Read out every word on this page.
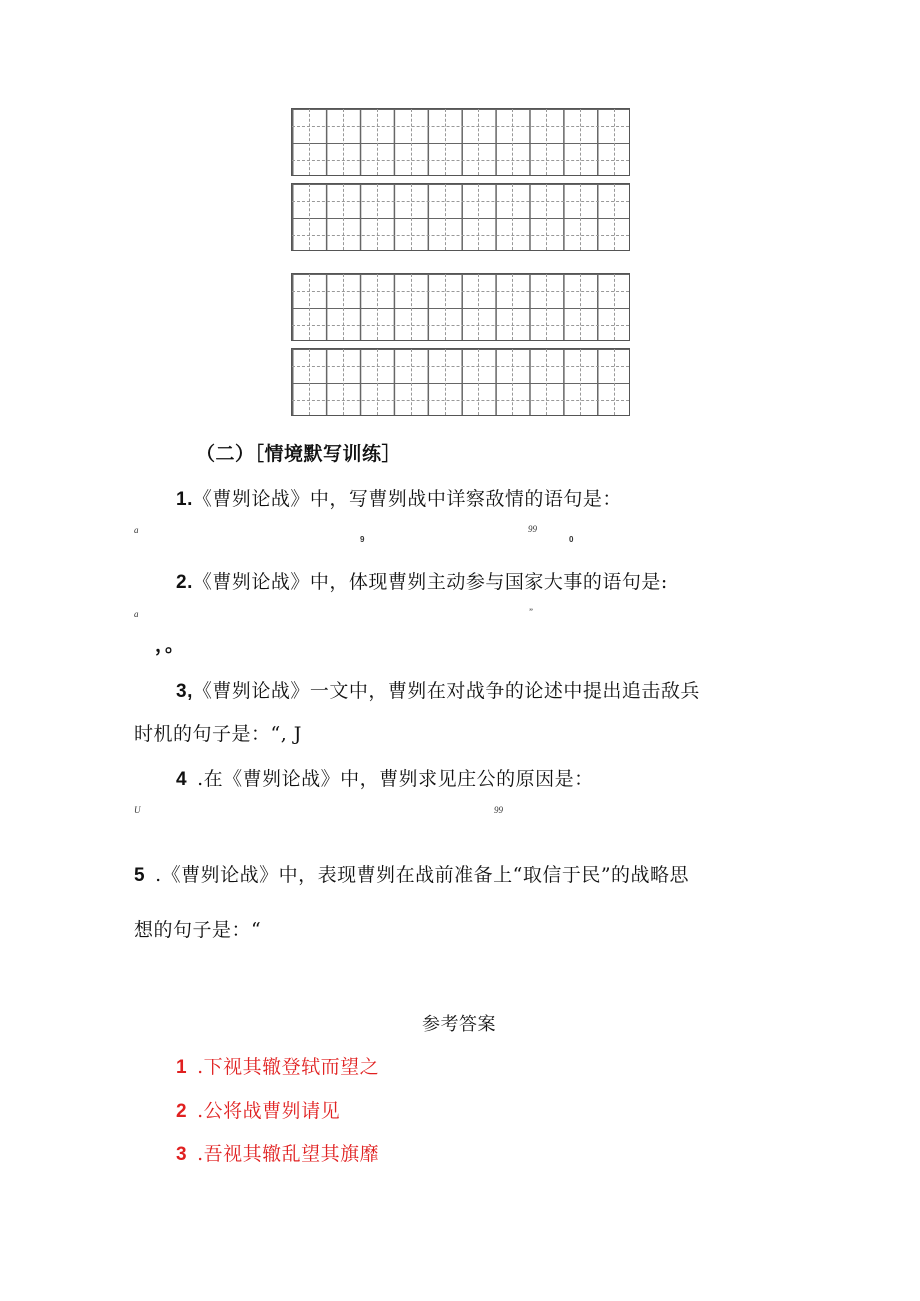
（二）［情境默写训练］
1.《曹刿论战》中，写曹刿战中详察敌情的语句是：
a
9
99
0
2.《曹刿论战》中，体现曹刿主动参与国家大事的语句是:
a	”
，。
3,《曹刿论战》一文中，曹刿在对战争的论述中提出追击敌兵
时机的句子是：“, J
4 .在《曹刿论战》中，曹刿求见庄公的原因是：
U	99
5 .《曹刿论战》中，表现曹刿在战前准备上“取信于民”的战略思
想的句子是：“
参考答案
1 .下视其辙登轼而望之
2 .公将战曹刿请见
3 .吾视其辙乱望其旗靡
